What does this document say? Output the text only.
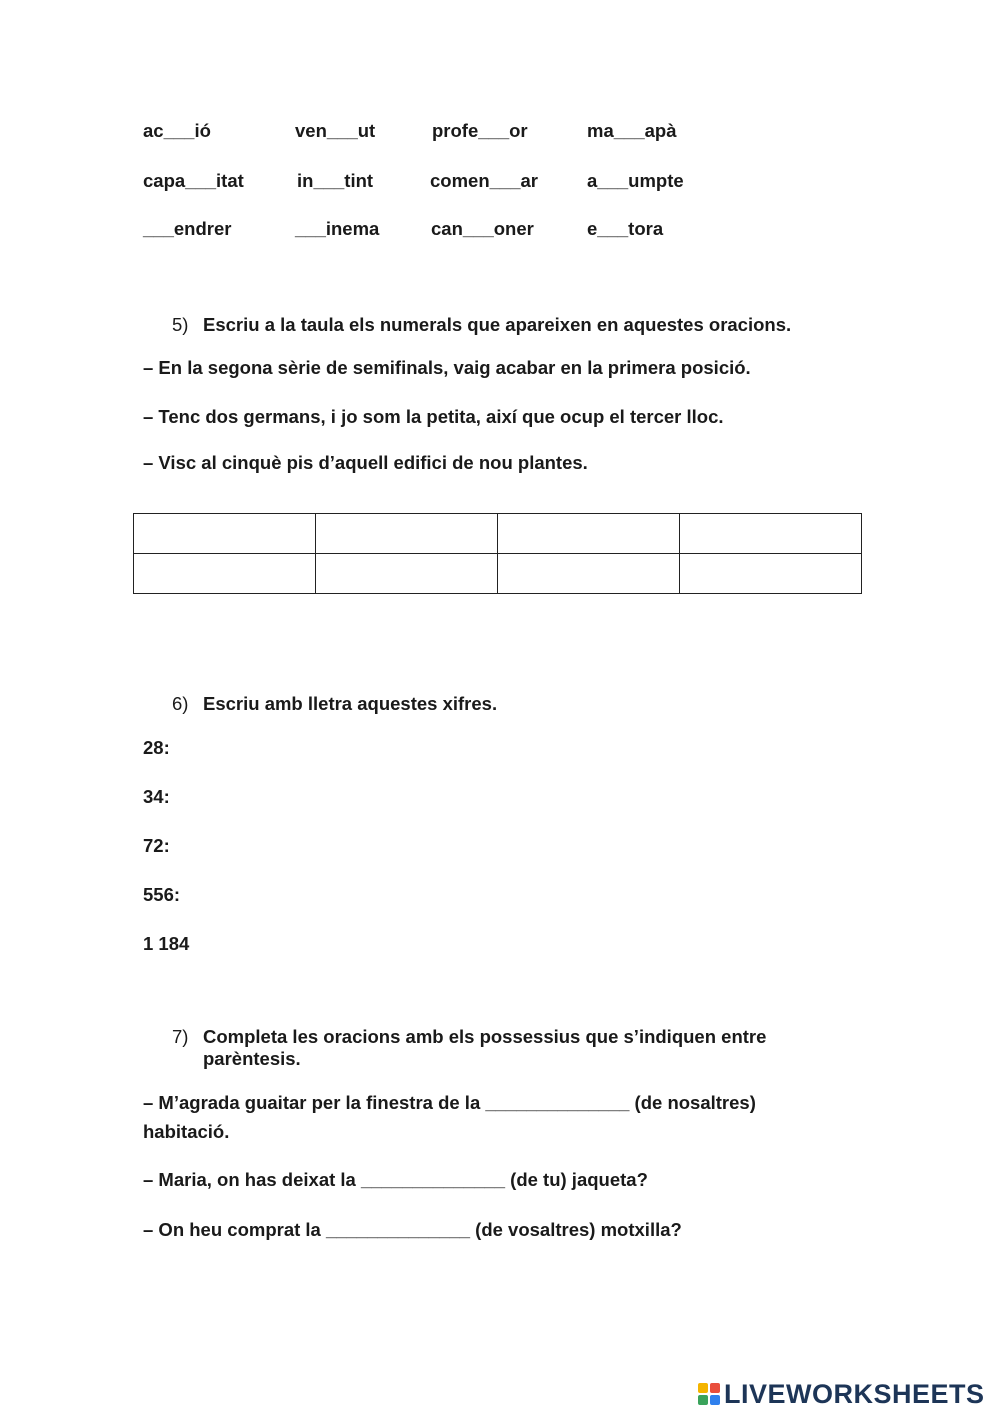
ac___ió	ven___ut	profe___or	ma___apà
capa___itat	in___tint	comen___ar	a___umpte
___endrer	___inema	can___oner	e___tora
5) Escriu a la taula els numerals que apareixen en aquestes oracions.
– En la segona sèrie de semifinals, vaig acabar en la primera posició.
– Tenc dos germans, i jo som la petita, així que ocup el tercer lloc.
– Visc al cinquè pis d’aquell edifici de nou plantes.

6) Escriu amb lletra aquestes xifres.
28:
34:
72:
556:
1 184
7) Completa les oracions amb els possessius que s’indiquen entre
parèntesis.
– M’agrada guaitar per la finestra de la ______________ (de nosaltres)
habitació.
– Maria, on has deixat la ______________ (de tu) jaqueta?
– On heu comprat la ______________ (de vosaltres) motxilla?
LIVEWORKSHEETS
